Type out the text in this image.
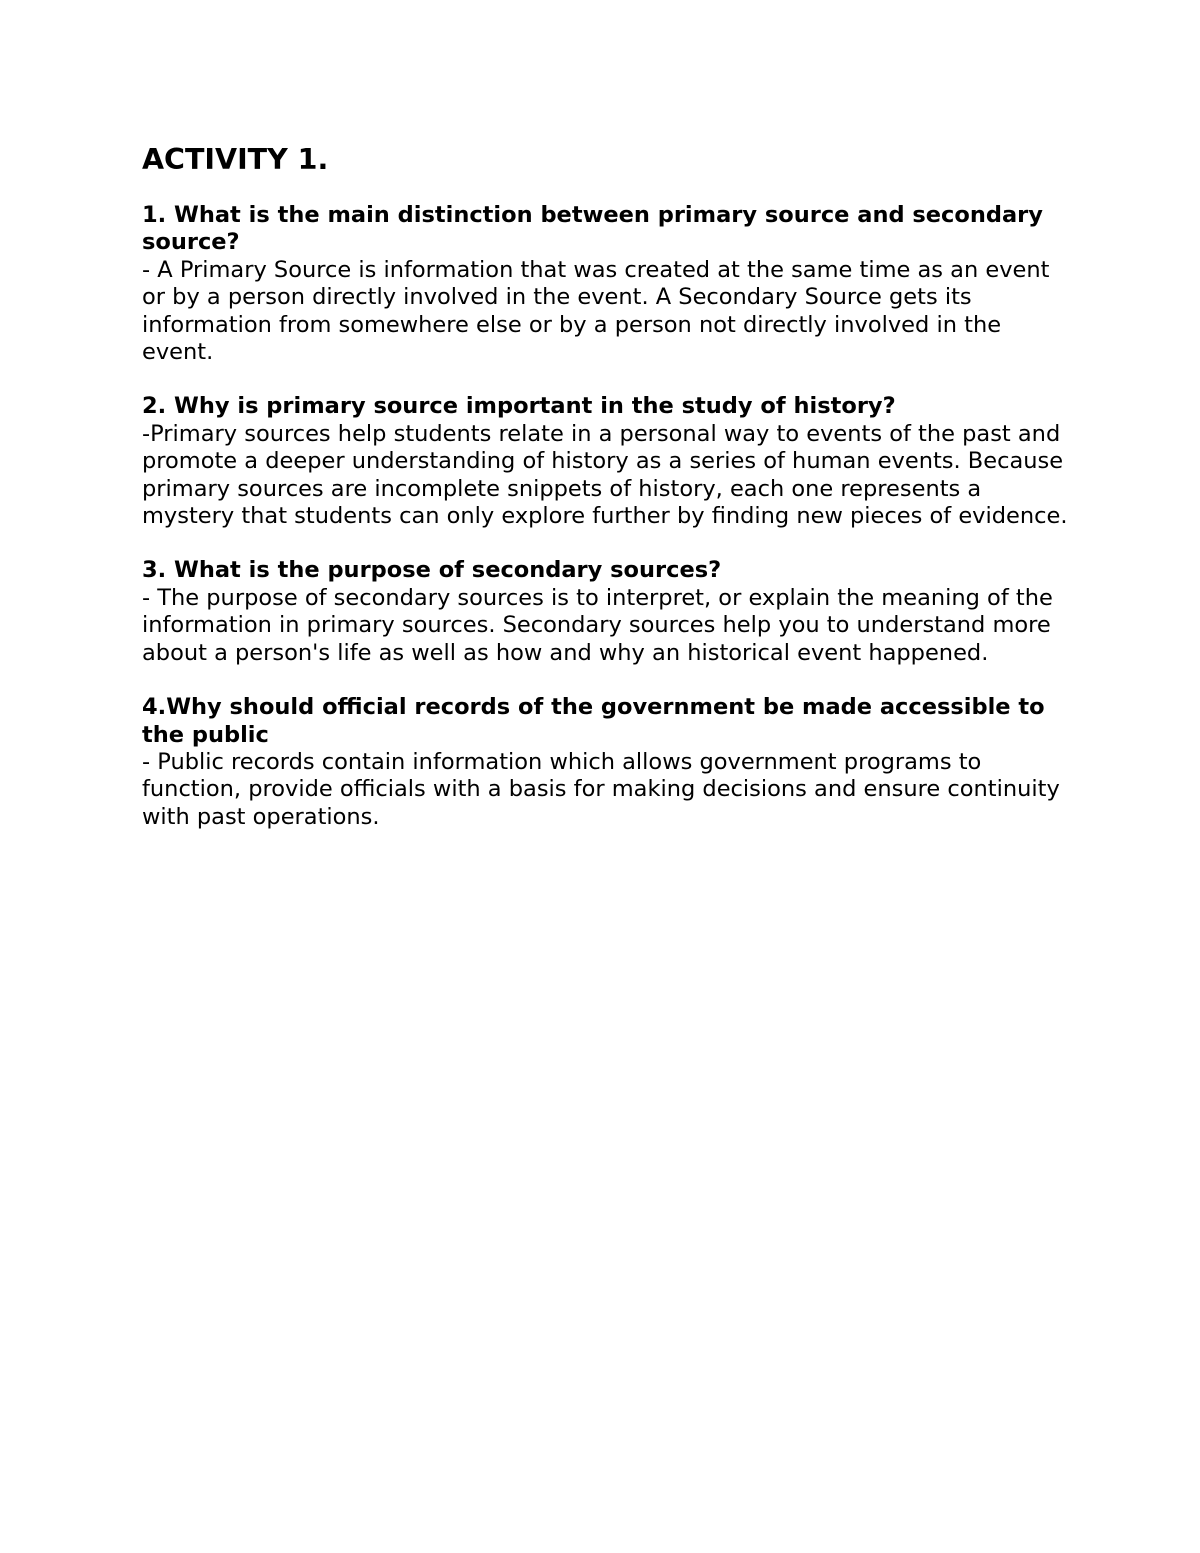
ACTIVITY 1.

1. What is the main distinction between primary source and secondary source?

- A Primary Source is information that was created at the same time as an event or by a person directly involved in the event. A Secondary Source gets its information from somewhere else or by a person not directly involved in the event.

2. Why is primary source important in the study of history?

-Primary sources help students relate in a personal way to events of the past and promote a deeper understanding of history as a series of human events. Because primary sources are incomplete snippets of history, each one represents a mystery that students can only explore further by finding new pieces of evidence.

3. What is the purpose of secondary sources?

- The purpose of secondary sources is to interpret, or explain the meaning of the information in primary sources. Secondary sources help you to understand more about a person's life as well as how and why an historical event happened.

4.Why should official records of the government be made accessible to the public

- Public records contain information which allows government programs to function, provide officials with a basis for making decisions and ensure continuity with past operations.
